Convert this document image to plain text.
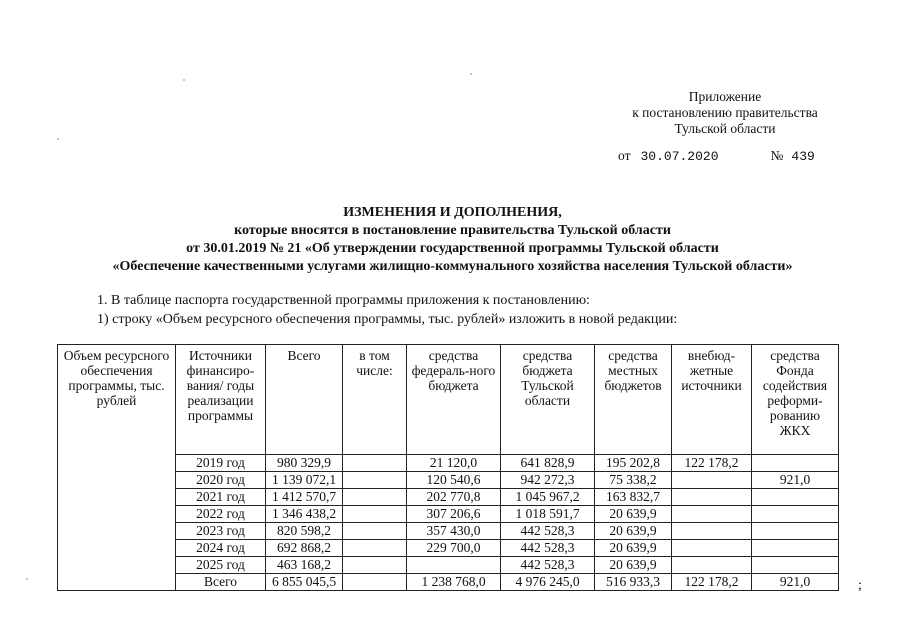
Приложение
к постановлению правительства
Тульской области
от 30.07.2020	№ 439
ИЗМЕНЕНИЯ И ДОПОЛНЕНИЯ,
которые вносятся в постановление правительства Тульской области
от 30.01.2019 № 21 «Об утверждении государственной программы Тульской области
«Обеспечение качественными услугами жилищно-коммунального хозяйства населения Тульской области»
1. В таблице паспорта государственной программы приложения к постановлению:
1) строку «Объем ресурсного обеспечения программы, тыс. рублей» изложить в новой редакции:
Объем ресурсного обеспечения программы, тыс. рублей	Источники финансиро-вания/ годы реализации программы	Всего	в том числе:	средства федераль-ного бюджета	средства бюджета Тульской области	средства местных бюджетов	внебюд-жетные источники	средства Фонда содействия реформи-рованию ЖКХ
	2019 год	980 329,9		21 120,0	641 828,9	195 202,8	122 178,2	
	2020 год	1 139 072,1		120 540,6	942 272,3	75 338,2		921,0
	2021 год	1 412 570,7		202 770,8	1 045 967,2	163 832,7		
	2022 год	1 346 438,2		307 206,6	1 018 591,7	20 639,9		
	2023 год	820 598,2		357 430,0	442 528,3	20 639,9		
	2024 год	692 868,2		229 700,0	442 528,3	20 639,9		
	2025 год	463 168,2			442 528,3	20 639,9		
	Всего	6 855 045,5		1 238 768,0	4 976 245,0	516 933,3	122 178,2	921,0	;
